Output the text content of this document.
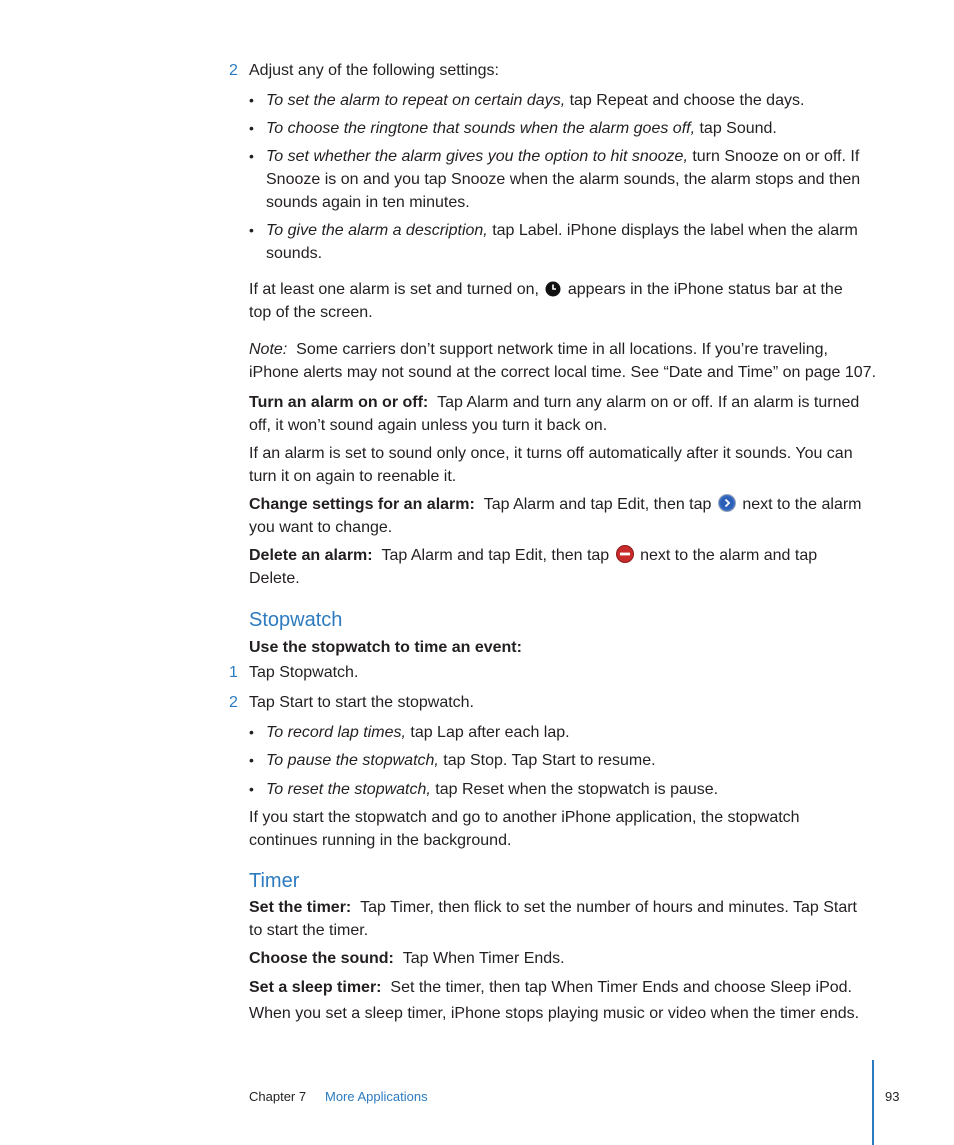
2 Adjust any of the following settings:
• To set the alarm to repeat on certain days, tap Repeat and choose the days.
• To choose the ringtone that sounds when the alarm goes off, tap Sound.
• To set whether the alarm gives you the option to hit snooze, turn Snooze on or off. If
Snooze is on and you tap Snooze when the alarm sounds, the alarm stops and then
sounds again in ten minutes.
• To give the alarm a description, tap Label. iPhone displays the label when the alarm
sounds.
If at least one alarm is set and turned on, appears in the iPhone status bar at the
top of the screen.
Note: Some carriers don’t support network time in all locations. If you’re traveling,
iPhone alerts may not sound at the correct local time. See “Date and Time” on page 107.
Turn an alarm on or off: Tap Alarm and turn any alarm on or off. If an alarm is turned
off, it won’t sound again unless you turn it back on.
If an alarm is set to sound only once, it turns off automatically after it sounds. You can
turn it on again to reenable it.
Change settings for an alarm: Tap Alarm and tap Edit, then tap next to the alarm
you want to change.
Delete an alarm: Tap Alarm and tap Edit, then tap next to the alarm and tap
Delete.
Stopwatch
Use the stopwatch to time an event:
1 Tap Stopwatch.
2 Tap Start to start the stopwatch.
• To record lap times, tap Lap after each lap.
• To pause the stopwatch, tap Stop. Tap Start to resume.
• To reset the stopwatch, tap Reset when the stopwatch is pause.
If you start the stopwatch and go to another iPhone application, the stopwatch
continues running in the background.
Timer
Set the timer: Tap Timer, then flick to set the number of hours and minutes. Tap Start
to start the timer.
Choose the sound: Tap When Timer Ends.
Set a sleep timer: Set the timer, then tap When Timer Ends and choose Sleep iPod.
When you set a sleep timer, iPhone stops playing music or video when the timer ends.
Chapter 7 More Applications	93
